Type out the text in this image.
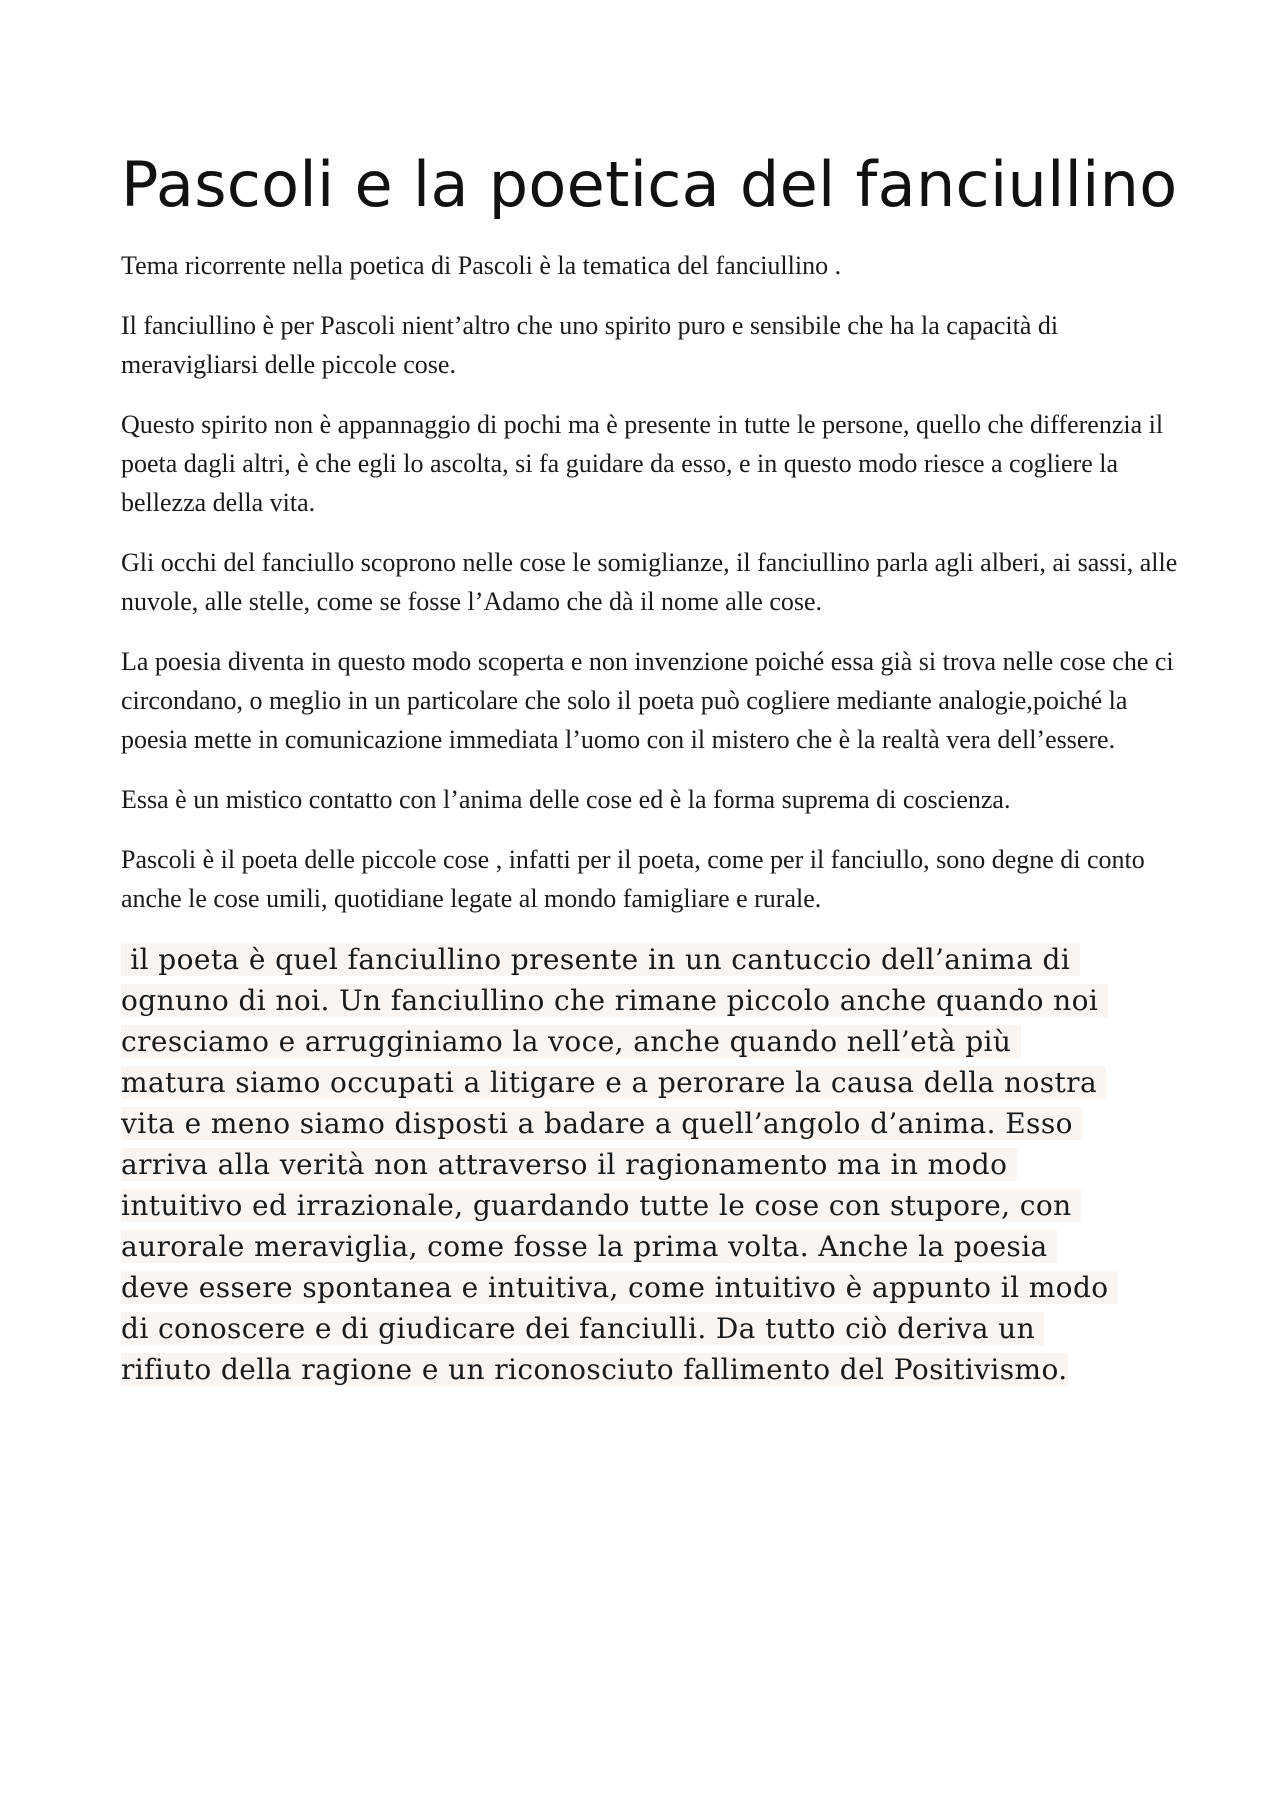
Pascoli e la poetica del fanciullino

Tema ricorrente nella poetica di Pascoli è la tematica del fanciullino .

Il fanciullino è per Pascoli nient’altro che uno spirito puro e sensibile che ha la capacità di meravigliarsi delle piccole cose.

Questo spirito non è appannaggio di pochi ma è presente in tutte le persone, quello che differenzia il poeta dagli altri, è che egli lo ascolta, si fa guidare da esso, e in questo modo riesce a cogliere la bellezza della vita.

Gli occhi del fanciullo scoprono nelle cose le somiglianze, il fanciullino parla agli alberi, ai sassi, alle nuvole, alle stelle, come se fosse l’Adamo che dà il nome alle cose.

La poesia diventa in questo modo scoperta e non invenzione poiché essa già si trova nelle cose che ci circondano, o meglio in un particolare che solo il poeta può cogliere mediante analogie,poiché la poesia mette in comunicazione immediata l’uomo con il mistero che è la realtà vera dell’essere.

Essa è un mistico contatto con l’anima delle cose ed è la forma suprema di coscienza.

Pascoli è il poeta delle piccole cose , infatti per il poeta, come per il fanciullo, sono degne di conto anche le cose umili, quotidiane legate al mondo famigliare e rurale.

il poeta è quel fanciullino presente in un cantuccio dell’anima di
ognuno di noi. Un fanciullino che rimane piccolo anche quando noi
cresciamo e arrugginiamo la voce, anche quando nell’età più
matura siamo occupati a litigare e a perorare la causa della nostra
vita e meno siamo disposti a badare a quell’angolo d’anima. Esso
arriva alla verità non attraverso il ragionamento ma in modo
intuitivo ed irrazionale, guardando tutte le cose con stupore, con
aurorale meraviglia, come fosse la prima volta. Anche la poesia
deve essere spontanea e intuitiva, come intuitivo è appunto il modo
di conoscere e di giudicare dei fanciulli. Da tutto ciò deriva un
rifiuto della ragione e un riconosciuto fallimento del Positivismo.
